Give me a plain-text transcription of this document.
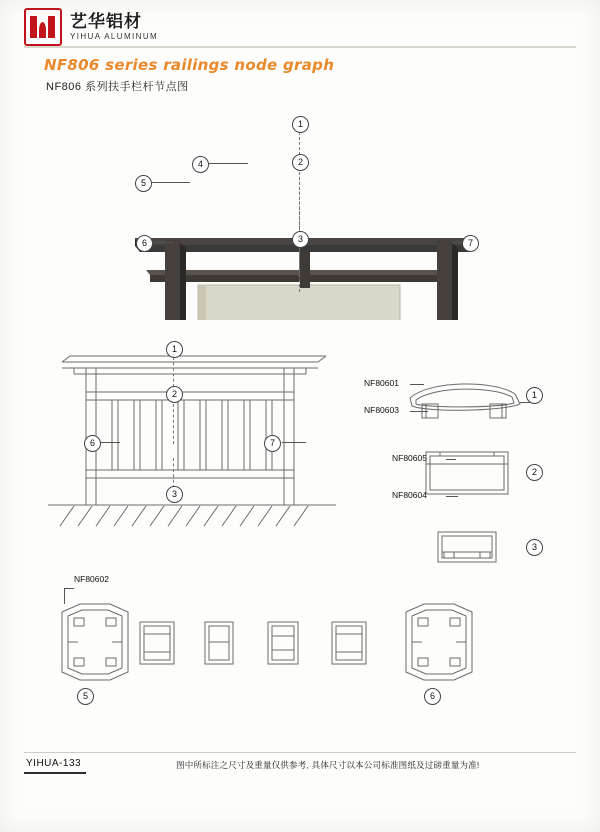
艺华铝材
YIHUA ALUMINUM
NF806 series railings node graph
NF806 系列扶手栏杆节点图
1
2
3
4
5
6	7
1
2
3
6	7
NF80601
NF80603
1
NF80605
NF80604
2
3
NF80602
5	6
YIHUA-133	图中所标注之尺寸及重量仅供参考, 具体尺寸以本公司标准图纸及过磅重量为准!
